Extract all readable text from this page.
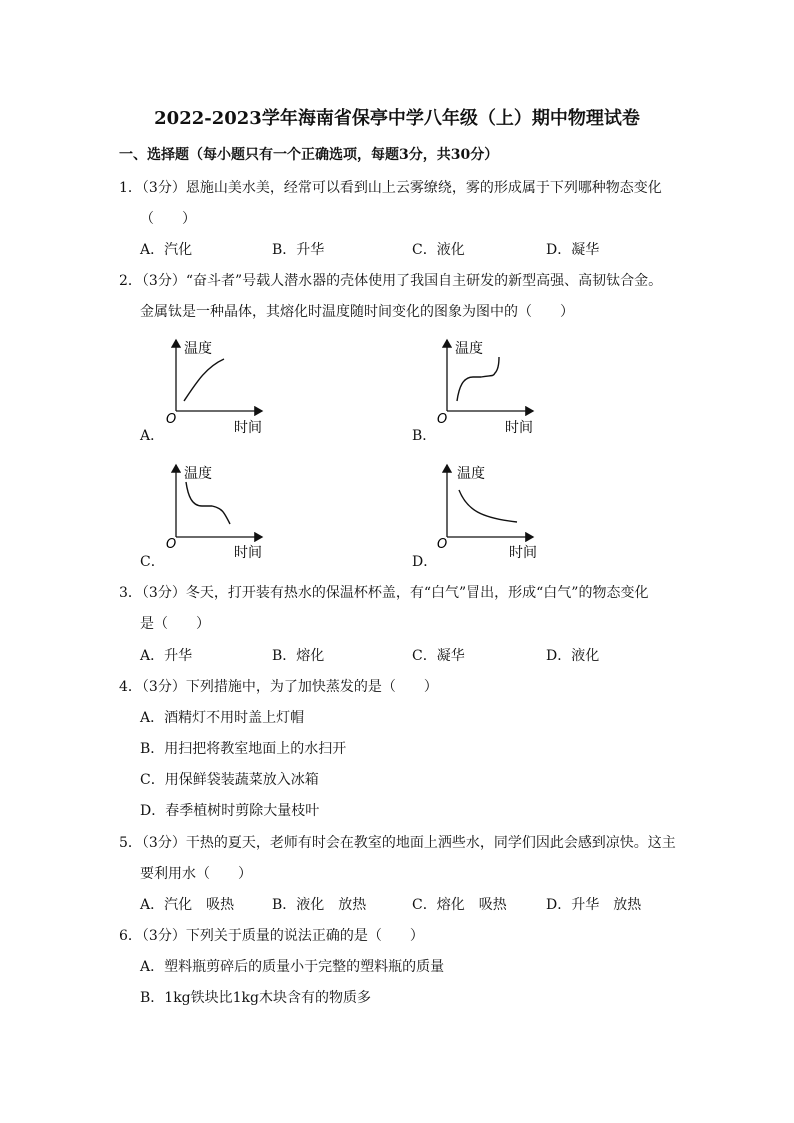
2022-2023学年海南省保亭中学八年级（上）期中物理试卷
一、选择题（每小题只有一个正确选项，每题3分，共30分）
1．（3分）恩施山美水美，经常可以看到山上云雾缭绕，雾的形成属于下列哪种物态变化
（　　）
A．汽化	B．升华	C．液化	D．凝华
2．（3分）“奋斗者”号载人潜水器的壳体使用了我国自主研发的新型高强、高韧钛合金。
金属钛是一种晶体，其熔化时温度随时间变化的图象为图中的（　　）
A．
温度
时间
O
B．
温度
时间
O
C．
温度
时间
O
D．
温度
时间
O
3．（3分）冬天，打开装有热水的保温杯杯盖，有“白气”冒出，形成“白气”的物态变化
是（　　）
A．升华	B．熔化	C．凝华	D．液化
4．（3分）下列措施中，为了加快蒸发的是（　　）
A．酒精灯不用时盖上灯帽
B．用扫把将教室地面上的水扫开
C．用保鲜袋装蔬菜放入冰箱
D．春季植树时剪除大量枝叶
5．（3分）干热的夏天，老师有时会在教室的地面上洒些水，同学们因此会感到凉快。这主
要利用水（　　）
A．汽化　吸热	B．液化　放热	C．熔化　吸热	D．升华　放热
6．（3分）下列关于质量的说法正确的是（　　）
A．塑料瓶剪碎后的质量小于完整的塑料瓶的质量
B．1kg铁块比1kg木块含有的物质多
